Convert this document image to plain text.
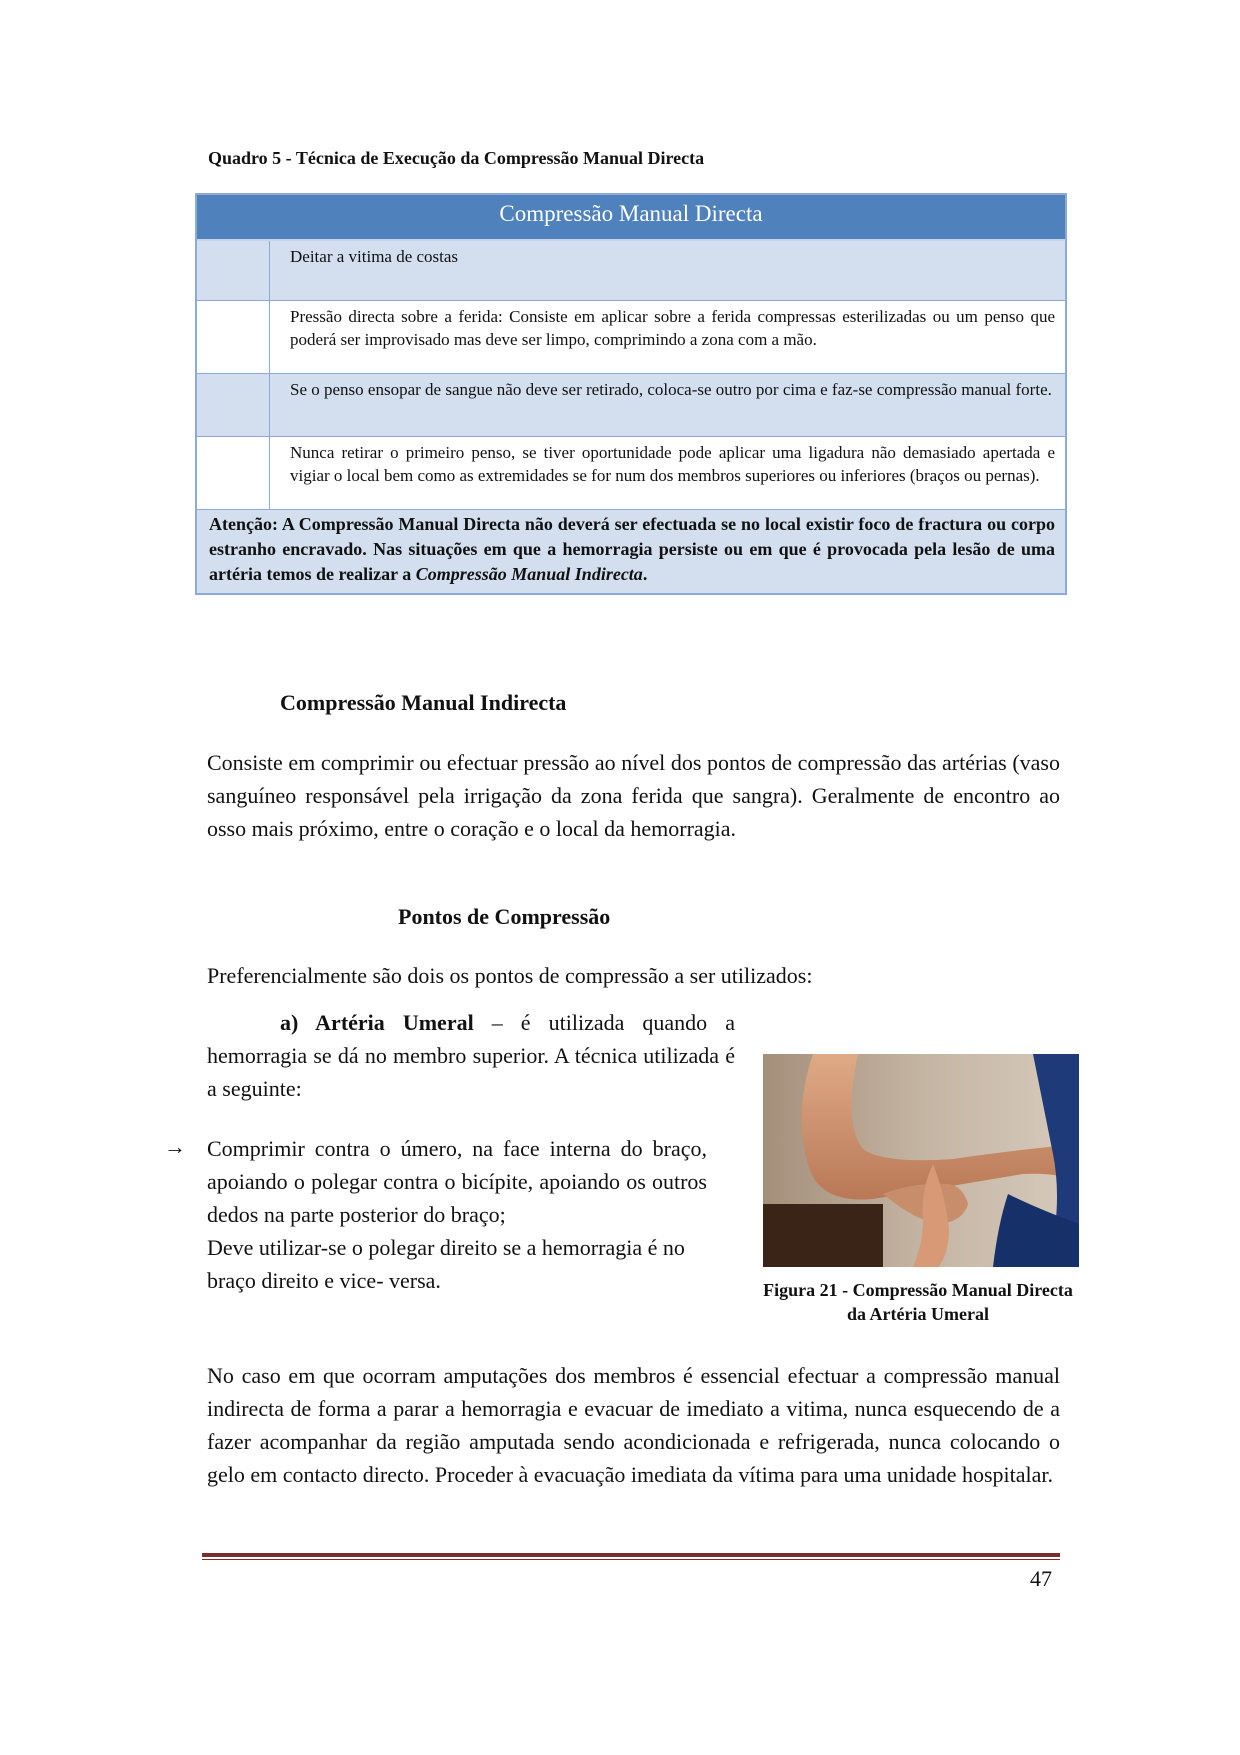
Quadro 5 - Técnica de Execução da Compressão Manual Directa
Compressão Manual Directa
Deitar a vitima de costas
Pressão directa sobre a ferida: Consiste em aplicar sobre a ferida compressas esterilizadas ou um penso que poderá ser improvisado mas deve ser limpo, comprimindo a zona com a mão.
Se o penso ensopar de sangue não deve ser retirado, coloca-se outro por cima e faz-se compressão manual forte.
Nunca retirar o primeiro penso, se tiver oportunidade pode aplicar uma ligadura não demasiado apertada e vigiar o local bem como as extremidades se for num dos membros superiores ou inferiores (braços ou pernas).
Atenção: A Compressão Manual Directa não deverá ser efectuada se no local existir foco de fractura ou corpo estranho encravado. Nas situações em que a hemorragia persiste ou em que é provocada pela lesão de uma artéria temos de realizar a Compressão Manual Indirecta.
Compressão Manual Indirecta
Consiste em comprimir ou efectuar pressão ao nível dos pontos de compressão das artérias (vaso sanguíneo responsável pela irrigação da zona ferida que sangra). Geralmente de encontro ao osso mais próximo, entre o coração e o local da hemorragia.
Pontos de Compressão
Preferencialmente são dois os pontos de compressão a ser utilizados:
a) Artéria Umeral – é utilizada quando a hemorragia se dá no membro superior. A técnica utilizada é a seguinte:
→ Comprimir contra o úmero, na face interna do braço, apoiando o polegar contra o bicípite, apoiando os outros dedos na parte posterior do braço;
Deve utilizar-se o polegar direito se a hemorragia é no braço direito e vice- versa.	Figura 21 - Compressão Manual Directa
da Artéria Umeral
No caso em que ocorram amputações dos membros é essencial efectuar a compressão manual indirecta de forma a parar a hemorragia e evacuar de imediato a vitima, nunca esquecendo de a fazer acompanhar da região amputada sendo acondicionada e refrigerada, nunca colocando o gelo em contacto directo. Proceder à evacuação imediata da vítima para uma unidade hospitalar.
47
